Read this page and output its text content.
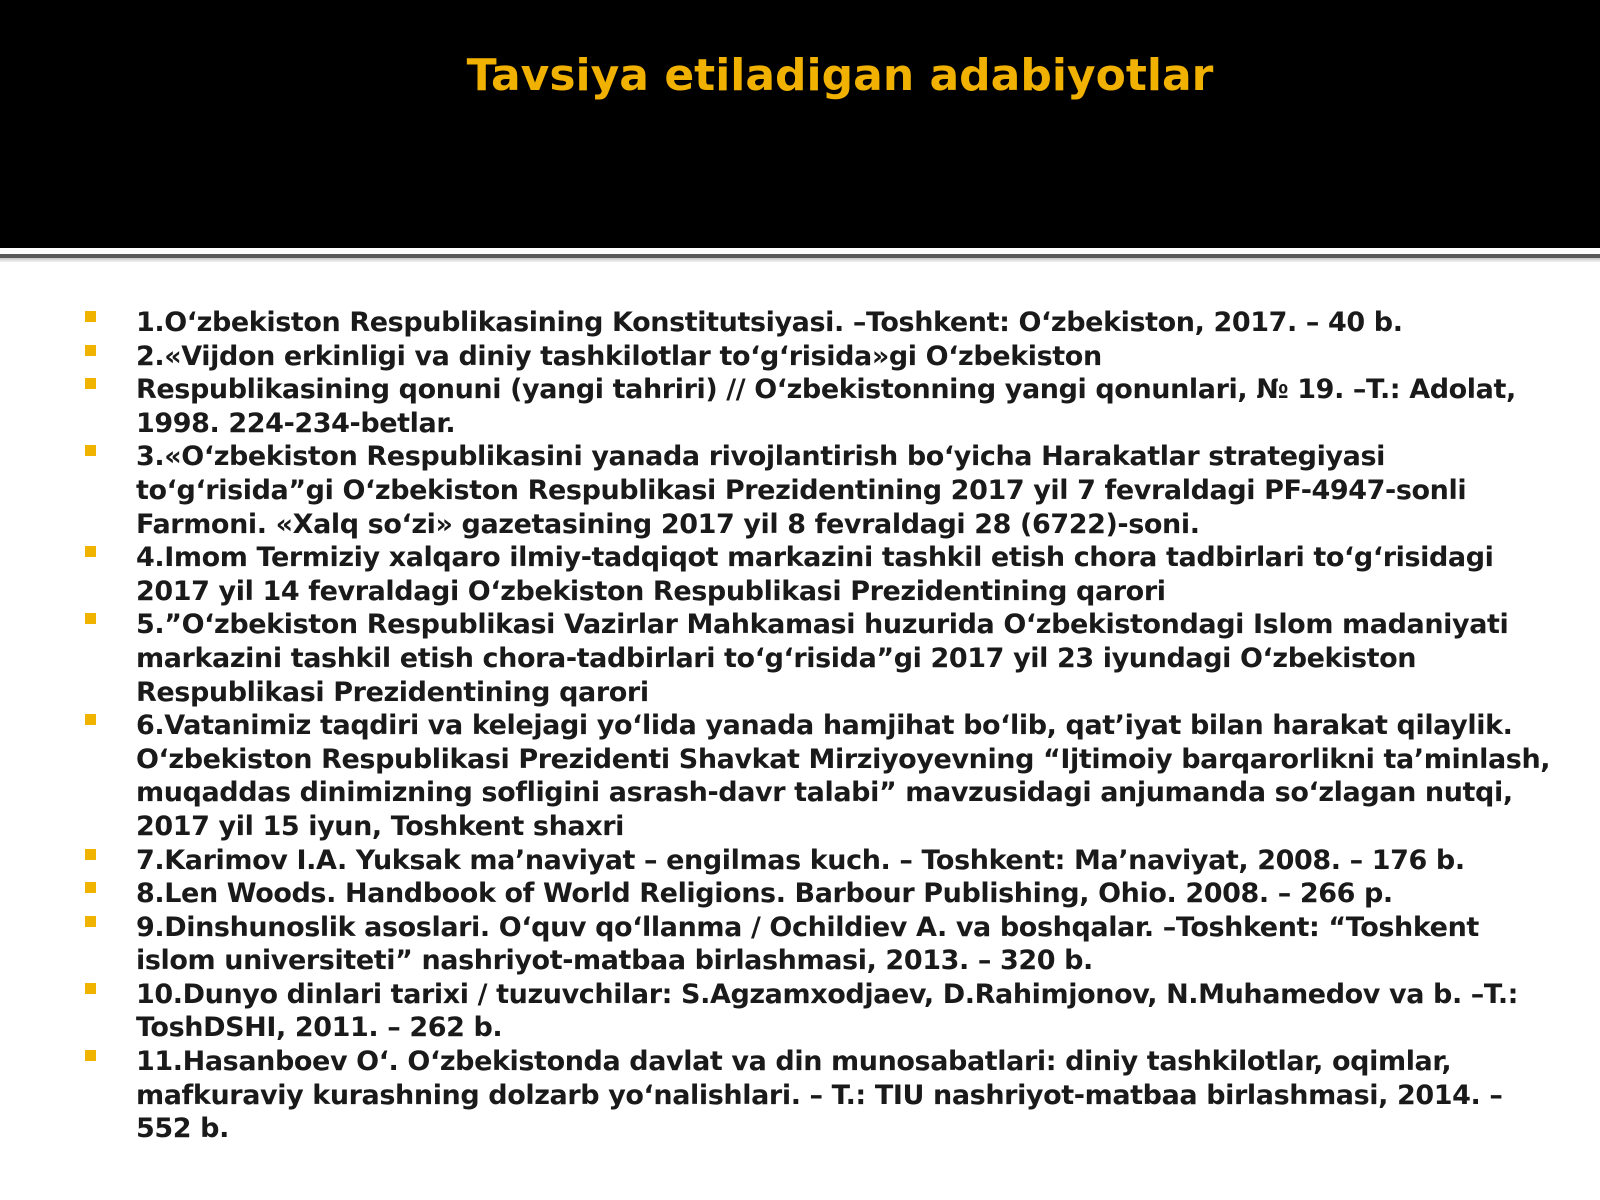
Tavsiya etiladigan adabiyotlar
1.O‘zbekiston Respublikasining Konstitutsiyasi. –Toshkent: O‘zbekiston, 2017. – 40 b.
2.«Vijdon erkinligi va diniy tashkilotlar to‘g‘risida»gi O‘zbekiston
Respublikasining qonuni (yangi tahriri) // O‘zbekistonning yangi qonunlari, № 19. –T.: Adolat, 1998. 224-234-betlar.
3.«O‘zbekiston Respublikasini yanada rivojlantirish bo‘yicha Harakatlar strategiyasi to‘g‘risida”gi O‘zbekiston Respublikasi Prezidentining 2017 yil 7 fevraldagi PF-4947-sonli Farmoni. «Xalq so‘zi» gazetasining 2017 yil 8 fevraldagi 28 (6722)-soni.
4.Imom Termiziy xalqaro ilmiy-tadqiqot markazini tashkil etish chora tadbirlari to‘g‘risidagi 2017 yil 14 fevraldagi O‘zbekiston Respublikasi Prezidentining qarori
5.”O‘zbekiston Respublikasi Vazirlar Mahkamasi huzurida O‘zbekistondagi Islom madaniyati markazini tashkil etish chora-tadbirlari to‘g‘risida”gi 2017 yil 23 iyundagi O‘zbekiston Respublikasi Prezidentining qarori
6.Vatanimiz taqdiri va kelejagi yo‘lida yanada hamjihat bo‘lib, qat’iyat bilan harakat qilaylik. O‘zbekiston Respublikasi Prezidenti Shavkat Mirziyoyevning “Ijtimoiy barqarorlikni ta’minlash, muqaddas dinimizning sofligini asrash-davr talabi” mavzusidagi anjumanda so‘zlagan nutqi, 2017 yil 15 iyun, Toshkent shaxri
7.Karimov I.A. Yuksak ma’naviyat – engilmas kuch. – Toshkent: Ma’naviyat, 2008. – 176 b.
8.Len Woods. Handbook of World Religions. Barbour Publishing, Ohio. 2008. – 266 p.
9.Dinshunoslik asoslari. O‘quv qo‘llanma / Ochildiev A. va boshqalar. –Toshkent: “Toshkent islom universiteti” nashriyot-matbaa birlashmasi, 2013. – 320 b.
10.Dunyo dinlari tarixi / tuzuvchilar: S.Agzamxodjaev, D.Rahimjonov, N.Muhamedov va b. –T.: ToshDSHI, 2011. – 262 b.
11.Hasanboev O‘. O‘zbekistonda davlat va din munosabatlari: diniy tashkilotlar, oqimlar, mafkuraviy kurashning dolzarb yo‘nalishlari. – T.: TIU nashriyot-matbaa birlashmasi, 2014. – 552 b.
